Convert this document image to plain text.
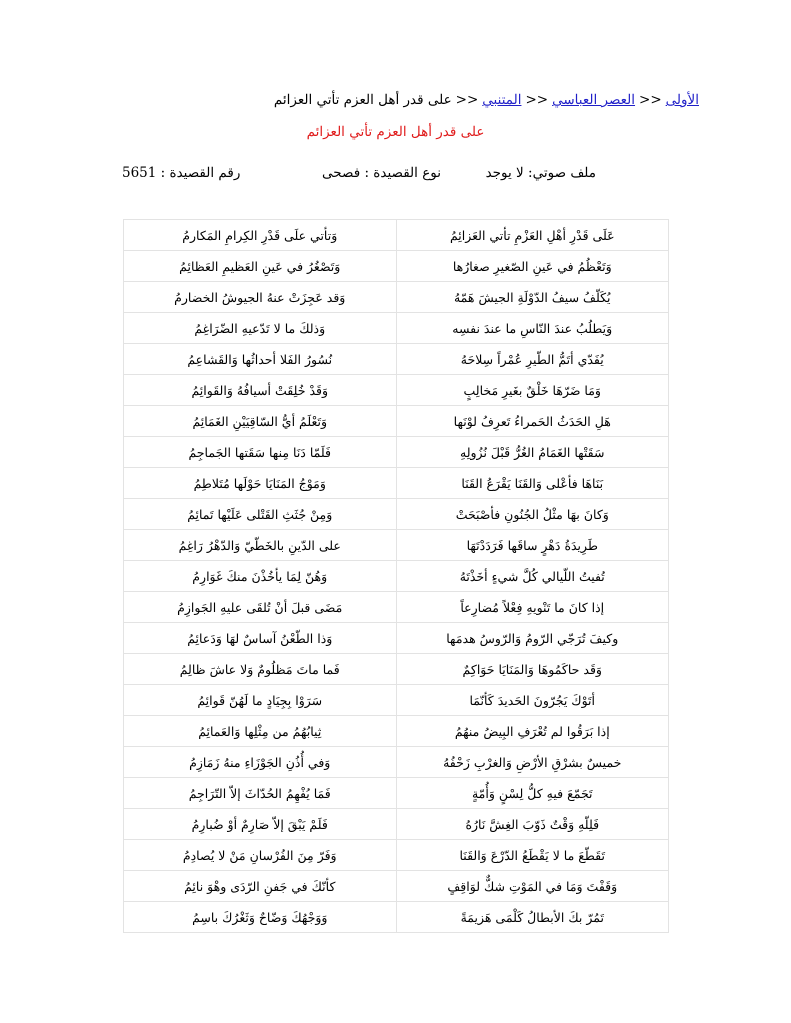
الأولى<<العصر العباسي<<المتنبي<<على قدر أهل العزم تأتي العزائم
على قدر أهل العزم تأتي العزائم
ملف صوتي: لا يوجد
نوع القصيدة : فصحى
رقم القصيدة : 5651
عَلَى قَدْرِ أهْلِ العَزْمِ تأتي العَزائِمُ	وَتأتي علَى قَدْرِ الكِرامِ المَكارمُ
وَتَعْظُمُ في عَينِ الصّغيرِ صغارُها	وَتَصْغُرُ في عَينِ العَظيمِ العَظائِمُ
يُكَلّفُ سيفُ الدّوْلَةِ الجيشَ هَمّهُ	وَقد عَجِزَتْ عنهُ الجيوشُ الخضارمُ
وَيَطلُبُ عندَ النّاسِ ما عندَ نفسِه	وَذلكَ ما لا تَدّعيهِ الضّرَاغِمُ
يُفَدّي أتَمُّ الطّيرِ عُمْراً سِلاحَهُ	نُسُورُ الفَلا أحداثُها وَالقَشاعِمُ
وَمَا ضَرّهَا خَلْقٌ بغَيرِ مَخالِبٍ	وَقَدْ خُلِقَتْ أسيافُهُ وَالقَوائِمُ
هَلِ الحَدَثُ الحَمراءُ تَعرِفُ لوْنَها	وَتَعْلَمُ أيُّ السّاقِيَيْنِ الغَمَائِمُ
سَقَتْها الغَمَامُ الغُرُّ قَبْلَ نُزُولِهِ	فَلَمّا دَنَا مِنها سَقَتها الجَماجِمُ
بَنَاهَا فأعْلى وَالقَنَا يَقْرَعُ القَنَا	وَمَوْجُ المَنَايَا حَوْلَها مُتَلاطِمُ
وَكانَ بهَا مثْلُ الجُنُونِ فأصْبَحَتْ	وَمِنْ جُثَثِ القَتْلى عَلَيْها تَمائِمُ
طَرِيدَةُ دَهْرٍ ساقَها فَرَدَدْتَهَا	على الدّينِ بالخَطّيّ وَالدّهْرُ رَاغِمُ
تُفيتُ اللّيالي كُلَّ شيءٍ أخَذْتَهُ	وَهُنّ لِمَا يأخُذْنَ منكَ غَوَارِمُ
إذا كانَ ما تَنْويهِ فِعْلاً مُضارِعاً	مَضَى قبلَ أنْ تُلقَى عليهِ الجَوازِمُ
وكيفَ تُرَجّي الرّومُ وَالرّوسُ هدمَها	وَذا الطّعْنُ آساسٌ لهَا وَدَعائِمُ
وَقَد حاكَمُوهَا وَالمَنَايَا حَوَاكِمٌ	فَما ماتَ مَظلُومٌ وَلا عاشَ ظالِمُ
أتَوْكَ يَجُرّونَ الحَديدَ كَأنّمَا	سَرَوْا بِجِيَادٍ ما لَهُنّ قَوائِمُ
إذا بَرَقُوا لم تُعْرَفِ البِيضُ منهُمُ	ثِيابُهُمُ من مِثْلِها وَالعَمائِمُ
خميسٌ بشرْقِ الأرْضِ وَالغرْبِ زَحْفُهُ	وَفي أُذُنِ الجَوْزَاءِ منهُ زَمَازِمُ
تَجَمّعَ فيهِ كلُّ لِسْنٍ وَأُمّةٍ	فَمَا يُفْهِمُ الحُدّاثَ إلاّ التّرَاجِمُ
فَلِلّهِ وَقْتٌ ذَوّبَ الغِشَّ نَارُهُ	فَلَمْ يَبْقَ إلاّ صَارِمٌ أوْ ضُبارِمُ
تَقَطّعَ ما لا يَقْطَعُ الدّرْعَ وَالقَنَا	وَفَرّ مِنَ الفُرْسانِ مَنْ لا يُصادِمُ
وَقَفْتَ وَمَا في المَوْتِ شكٌّ لوَاقِفٍ	كأنّكَ في جَفنِ الرّدَى وهْوَ نائِمُ
تَمُرّ بكَ الأبطالُ كَلْمَى هَزيمَةً	وَوَجْهُكَ وَضّاحٌ وَثَغْرُكَ باسِمُ
